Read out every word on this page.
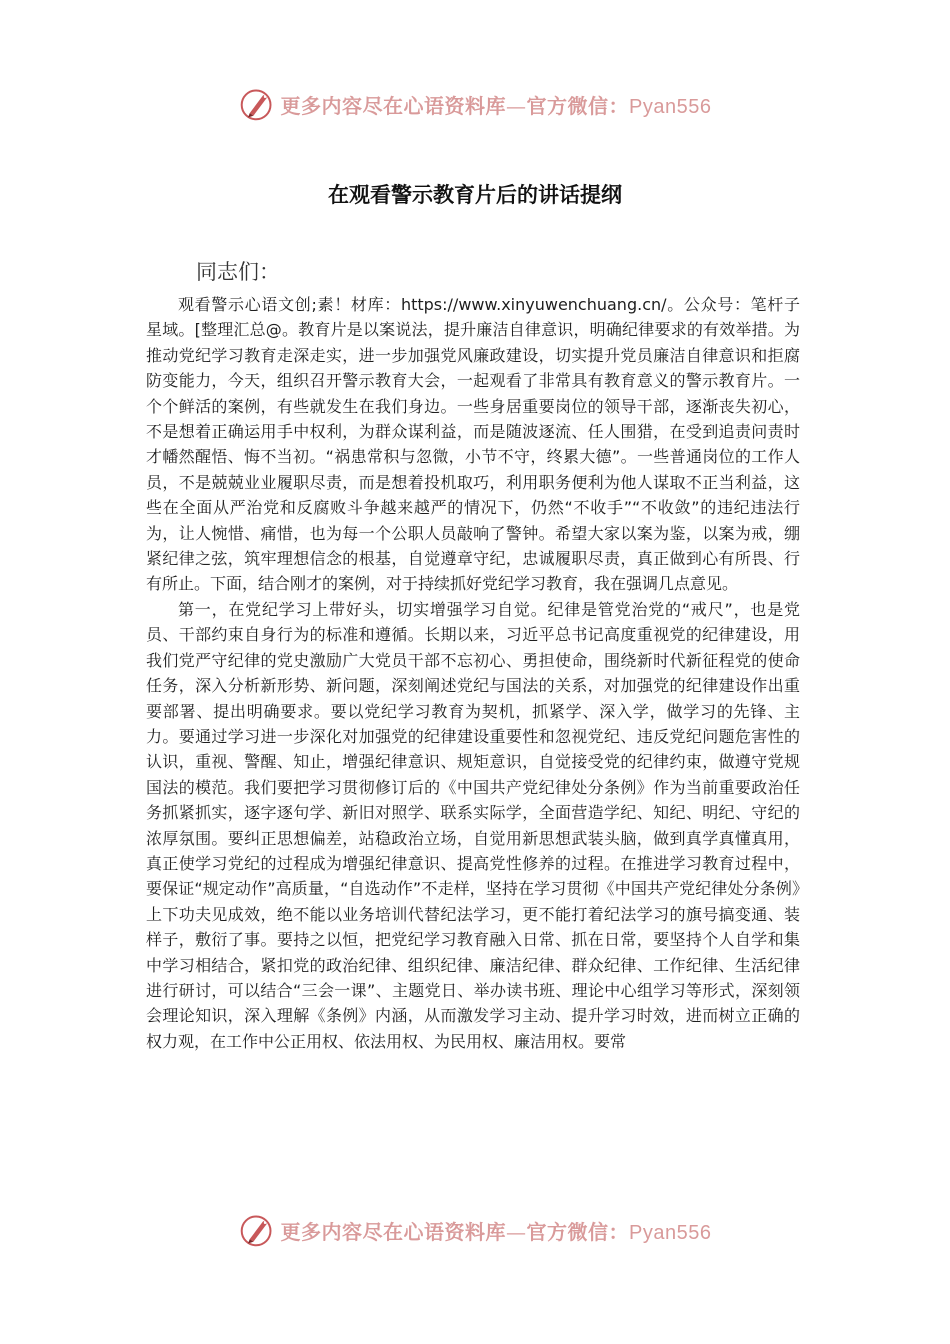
更多内容尽在心语资料库—官方微信：Pyan556
在观看警示教育片后的讲话提纲
同志们：

观看警示心语文创;素！材库：https://www.xinyuwenchuang.cn/。公众号：笔杆子星域。[整理汇总@。教育片是以案说法，提升廉洁自律意识，明确纪律要求的有效举措。为推动党纪学习教育走深走实，进一步加强党风廉政建设，切实提升党员廉洁自律意识和拒腐防变能力，今天，组织召开警示教育大会，一起观看了非常具有教育意义的警示教育片。一个个鲜活的案例，有些就发生在我们身边。一些身居重要岗位的领导干部，逐渐丧失初心，不是想着正确运用手中权利，为群众谋利益，而是随波逐流、任人围猎，在受到追责问责时才幡然醒悟、悔不当初。“祸患常积与忽微，小节不守，终累大德”。一些普通岗位的工作人员，不是兢兢业业履职尽责，而是想着投机取巧，利用职务便利为他人谋取不正当利益，这些在全面从严治党和反腐败斗争越来越严的情况下，仍然“不收手”“不收敛”的违纪违法行为，让人惋惜、痛惜，也为每一个公职人员敲响了警钟。希望大家以案为鉴，以案为戒，绷紧纪律之弦，筑牢理想信念的根基，自觉遵章守纪，忠诚履职尽责，真正做到心有所畏、行有所止。下面，结合刚才的案例，对于持续抓好党纪学习教育，我在强调几点意见。

第一，在党纪学习上带好头，切实增强学习自觉。纪律是管党治党的“戒尺”，也是党员、干部约束自身行为的标准和遵循。长期以来，习近平总书记高度重视党的纪律建设，用我们党严守纪律的党史激励广大党员干部不忘初心、勇担使命，围绕新时代新征程党的使命任务，深入分析新形势、新问题，深刻阐述党纪与国法的关系，对加强党的纪律建设作出重要部署、提出明确要求。要以党纪学习教育为契机，抓紧学、深入学，做学习的先锋、主力。要通过学习进一步深化对加强党的纪律建设重要性和忽视党纪、违反党纪问题危害性的认识，重视、警醒、知止，增强纪律意识、规矩意识，自觉接受党的纪律约束，做遵守党规国法的模范。我们要把学习贯彻修订后的《中国共产党纪律处分条例》作为当前重要政治任务抓紧抓实，逐字逐句学、新旧对照学、联系实际学，全面营造学纪、知纪、明纪、守纪的浓厚氛围。要纠正思想偏差，站稳政治立场，自觉用新思想武装头脑，做到真学真懂真用，真正使学习党纪的过程成为增强纪律意识、提高党性修养的过程。在推进学习教育过程中，要保证“规定动作”高质量，“自选动作”不走样，坚持在学习贯彻《中国共产党纪律处分条例》上下功夫见成效，绝不能以业务培训代替纪法学习，更不能打着纪法学习的旗号搞变通、装样子，敷衍了事。要持之以恒，把党纪学习教育融入日常、抓在日常，要坚持个人自学和集中学习相结合，紧扣党的政治纪律、组织纪律、廉洁纪律、群众纪律、工作纪律、生活纪律进行研讨，可以结合“三会一课”、主题党日、举办读书班、理论中心组学习等形式，深刻领会理论知识，深入理解《条例》内涵，从而激发学习主动、提升学习时效，进而树立正确的权力观，在工作中公正用权、依法用权、为民用权、廉洁用权。要常

更多内容尽在心语资料库—官方微信：Pyan556
